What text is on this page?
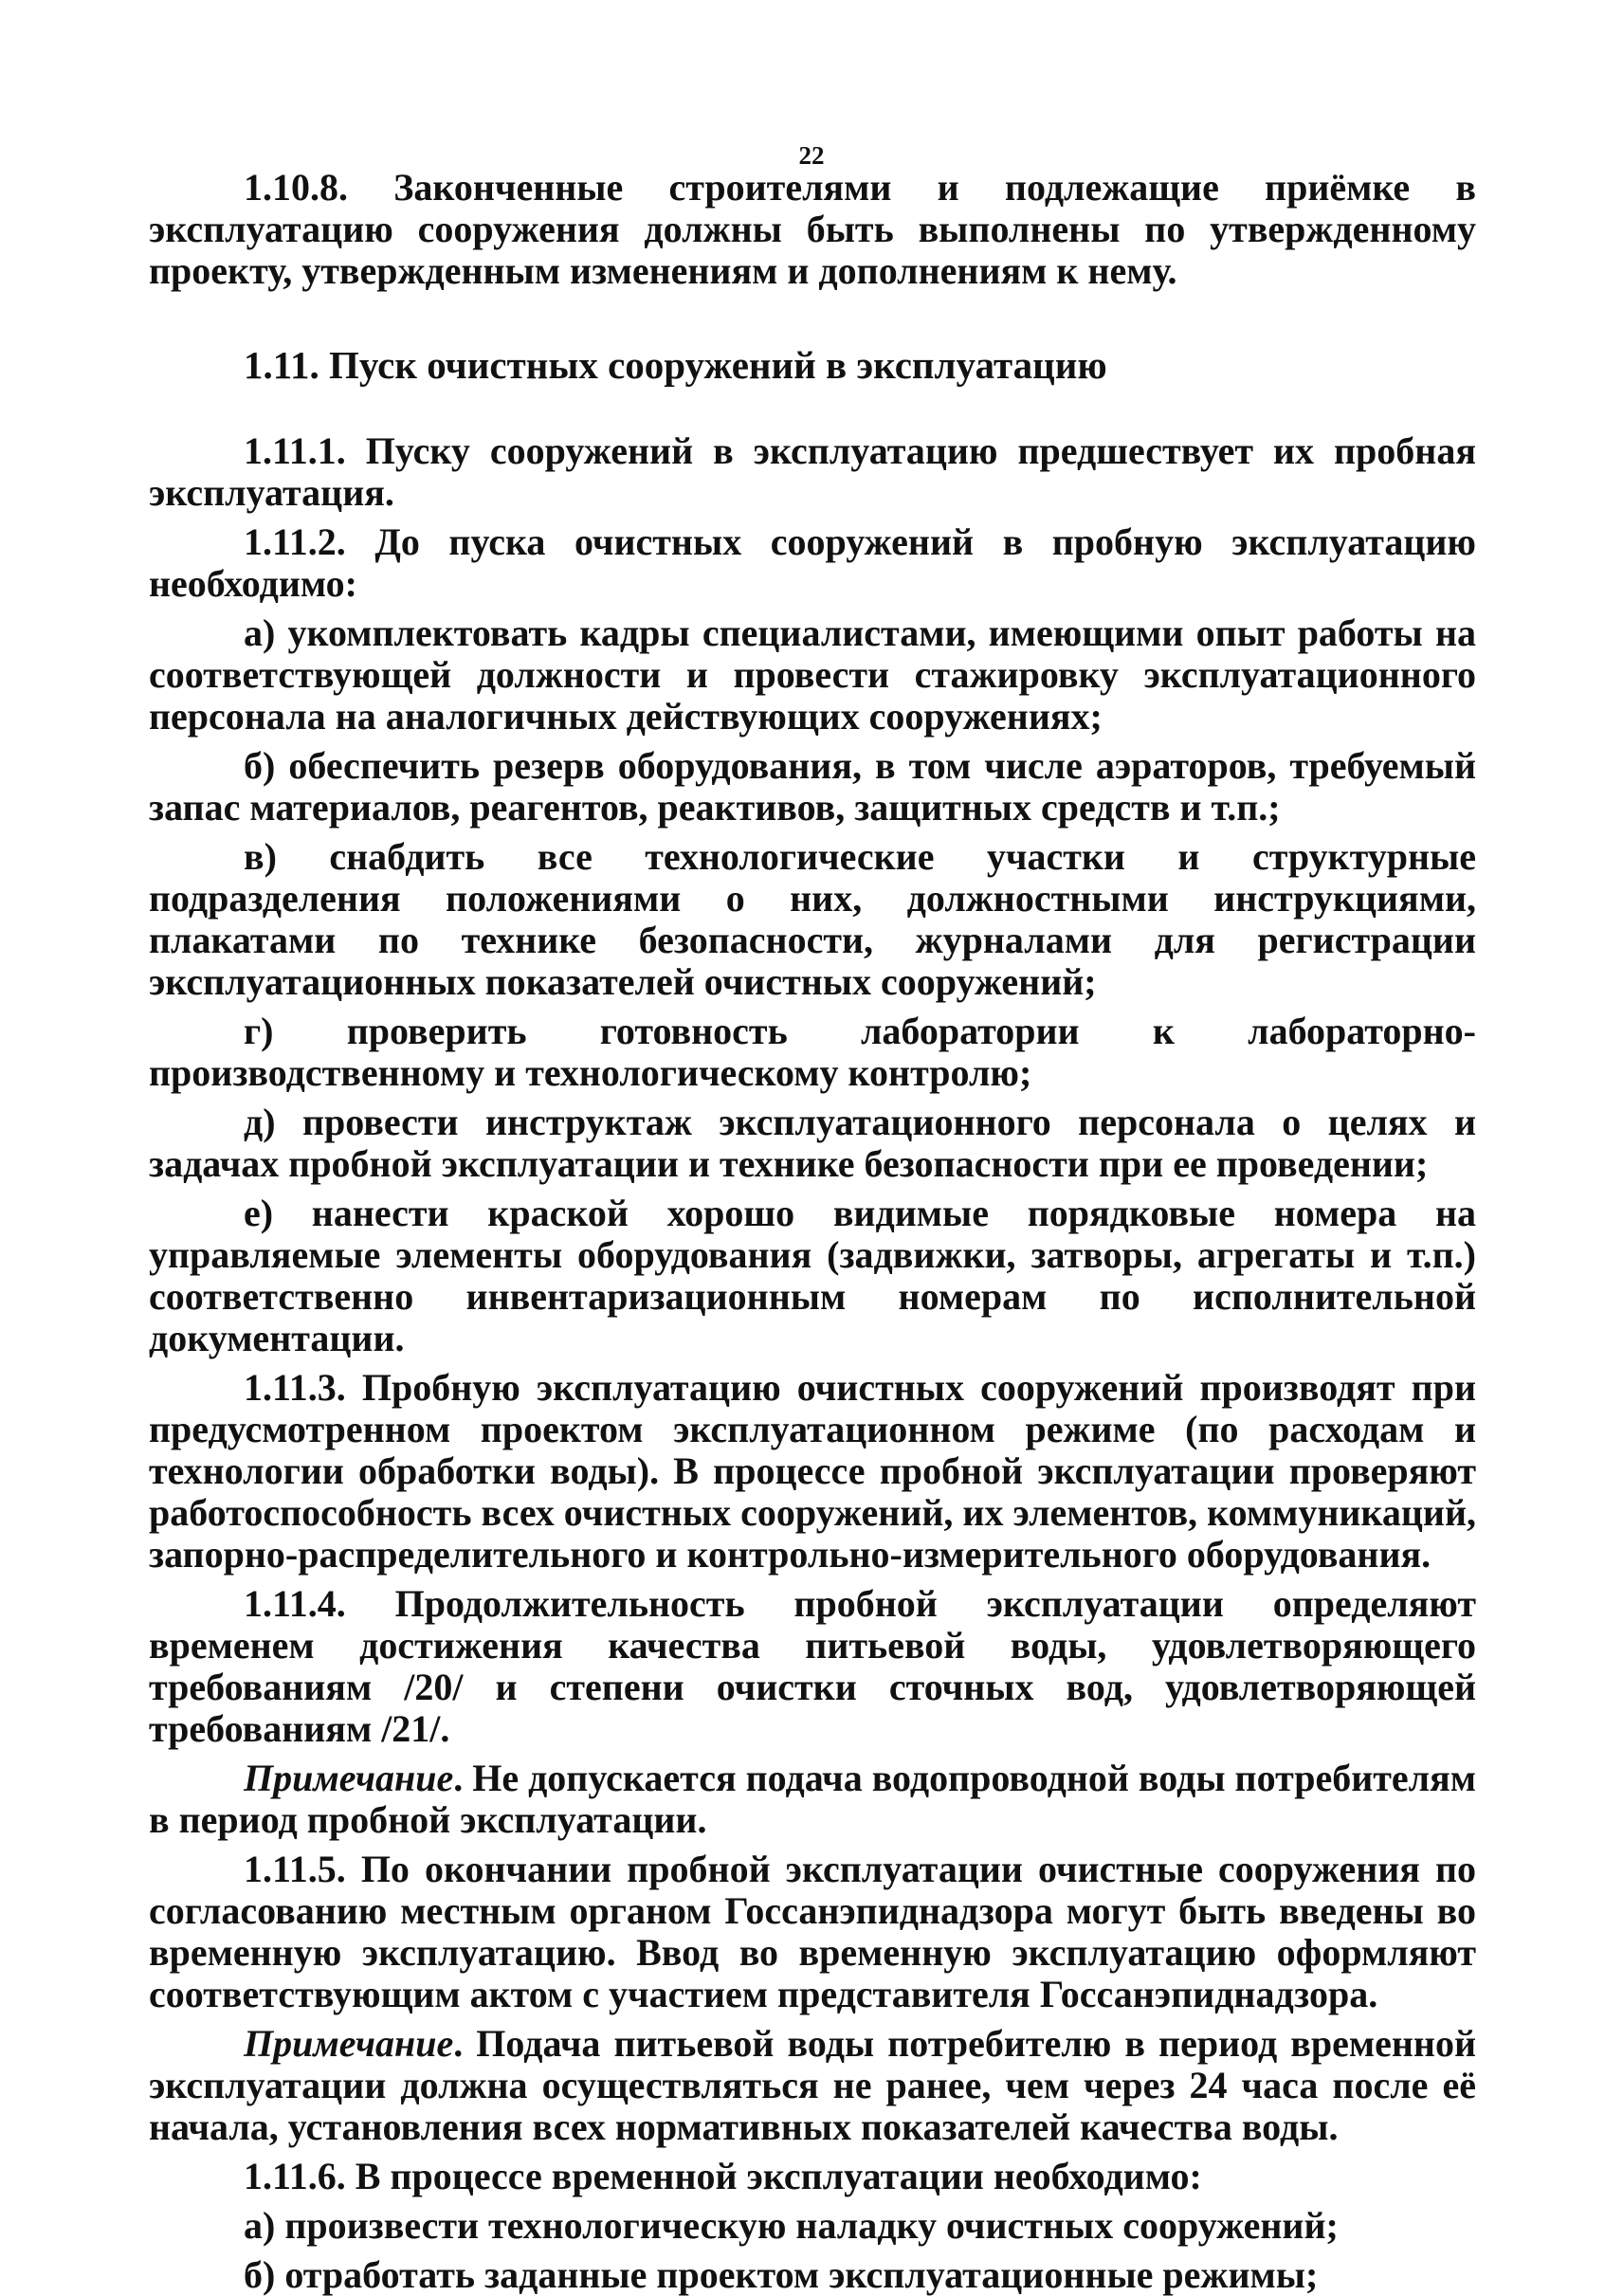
22

1.10.8. Законченные строителями и подлежащие приёмке в эксплуатацию сооружения должны быть выполнены по утвержденному проекту, утвержденным изменениям и дополнениям к нему.

1.11. Пуск очистных сооружений в эксплуатацию

1.11.1. Пуску сооружений в эксплуатацию предшествует их пробная эксплуатация.

1.11.2. До пуска очистных сооружений в пробную эксплуатацию необходимо:

а) укомплектовать кадры специалистами, имеющими опыт работы на соответствующей должности и провести стажировку эксплуатационного персонала на аналогичных действующих сооружениях;

б) обеспечить резерв оборудования, в том числе аэраторов, требуемый запас материалов, реагентов, реактивов, защитных средств и т.п.;

в) снабдить все технологические участки и структурные подразделения положениями о них, должностными инструкциями, плакатами по технике безопасности, журналами для регистрации эксплуатационных показателей очистных сооружений;

г) проверить готовность лаборатории к лабораторно-производственному и технологическому контролю;

д) провести инструктаж эксплуатационного персонала о целях и задачах пробной эксплуатации и технике безопасности при ее проведении;

е) нанести краской хорошо видимые порядковые номера на управляемые элементы оборудования (задвижки, затворы, агрегаты и т.п.) соответственно инвентаризационным номерам по исполнительной документации.

1.11.3. Пробную эксплуатацию очистных сооружений производят при предусмотренном проектом эксплуатационном режиме (по расходам и технологии обработки воды). В процессе пробной эксплуатации проверяют работоспособность всех очистных сооружений, их элементов, коммуникаций, запорно-распределительного и контрольно-измерительного оборудования.

1.11.4. Продолжительность пробной эксплуатации определяют временем достижения качества питьевой воды, удовлетворяющего требованиям /20/ и степени очистки сточных вод, удовлетворяющей требованиям /21/.

Примечание. Не допускается подача водопроводной воды потребителям в период пробной эксплуатации.

1.11.5. По окончании пробной эксплуатации очистные сооружения по согласованию местным органом Госсанэпиднадзора могут быть введены во временную эксплуатацию. Ввод во временную эксплуатацию оформляют соответствующим актом с участием представителя Госсанэпиднадзора.

Примечание. Подача питьевой воды потребителю в период временной эксплуатации должна осуществляться не ранее, чем через 24 часа после её начала, установления всех нормативных показателей качества воды.

1.11.6. В процессе временной эксплуатации необходимо:

а) произвести технологическую наладку очистных сооружений;

б) отработать заданные проектом эксплуатационные режимы;
